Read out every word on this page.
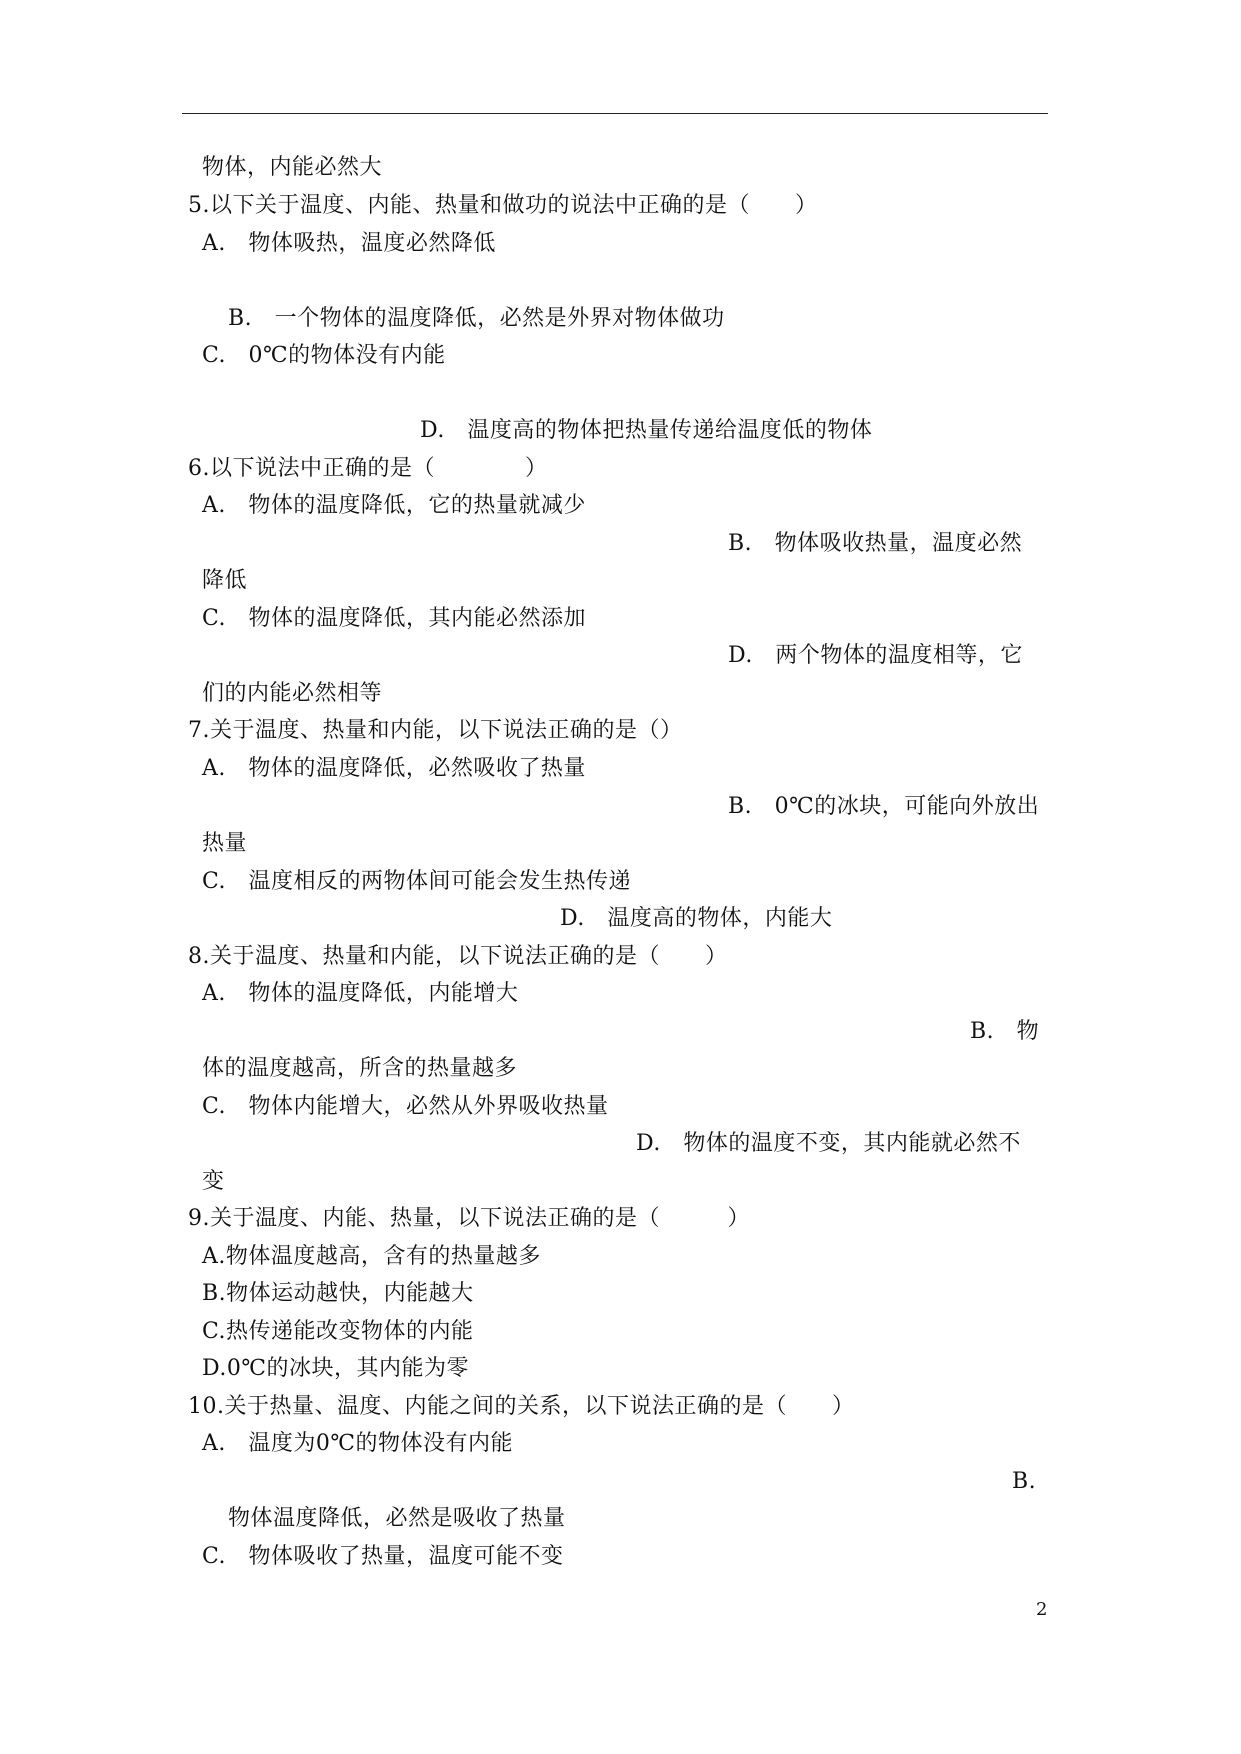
物体，内能必然大
5.以下关于温度、内能、热量和做功的说法中正确的是（　　）
A.　物体吸热，温度必然降低
B.　一个物体的温度降低，必然是外界对物体做功
C.　0℃的物体没有内能
D.　温度高的物体把热量传递给温度低的物体
6.以下说法中正确的是（　　　　）
A.　物体的温度降低，它的热量就减少
B.　物体吸收热量，温度必然
降低
C.　物体的温度降低，其内能必然添加
D.　两个物体的温度相等，它
们的内能必然相等
7.关于温度、热量和内能，以下说法正确的是（）
A.　物体的温度降低，必然吸收了热量
B.　0℃的冰块，可能向外放出
热量
C.　温度相反的两物体间可能会发生热传递
D.　温度高的物体，内能大
8.关于温度、热量和内能，以下说法正确的是（　　）
A.　物体的温度降低，内能增大
B.　物
体的温度越高，所含的热量越多
C.　物体内能增大，必然从外界吸收热量
D.　物体的温度不变，其内能就必然不
变
9.关于温度、内能、热量，以下说法正确的是（　　　）
A.物体温度越高，含有的热量越多
B.物体运动越快，内能越大
C.热传递能改变物体的内能
D.0℃的冰块，其内能为零
10.关于热量、温度、内能之间的关系，以下说法正确的是（　　）
A.　温度为0℃的物体没有内能
B.
物体温度降低，必然是吸收了热量
C.　物体吸收了热量，温度可能不变
2
